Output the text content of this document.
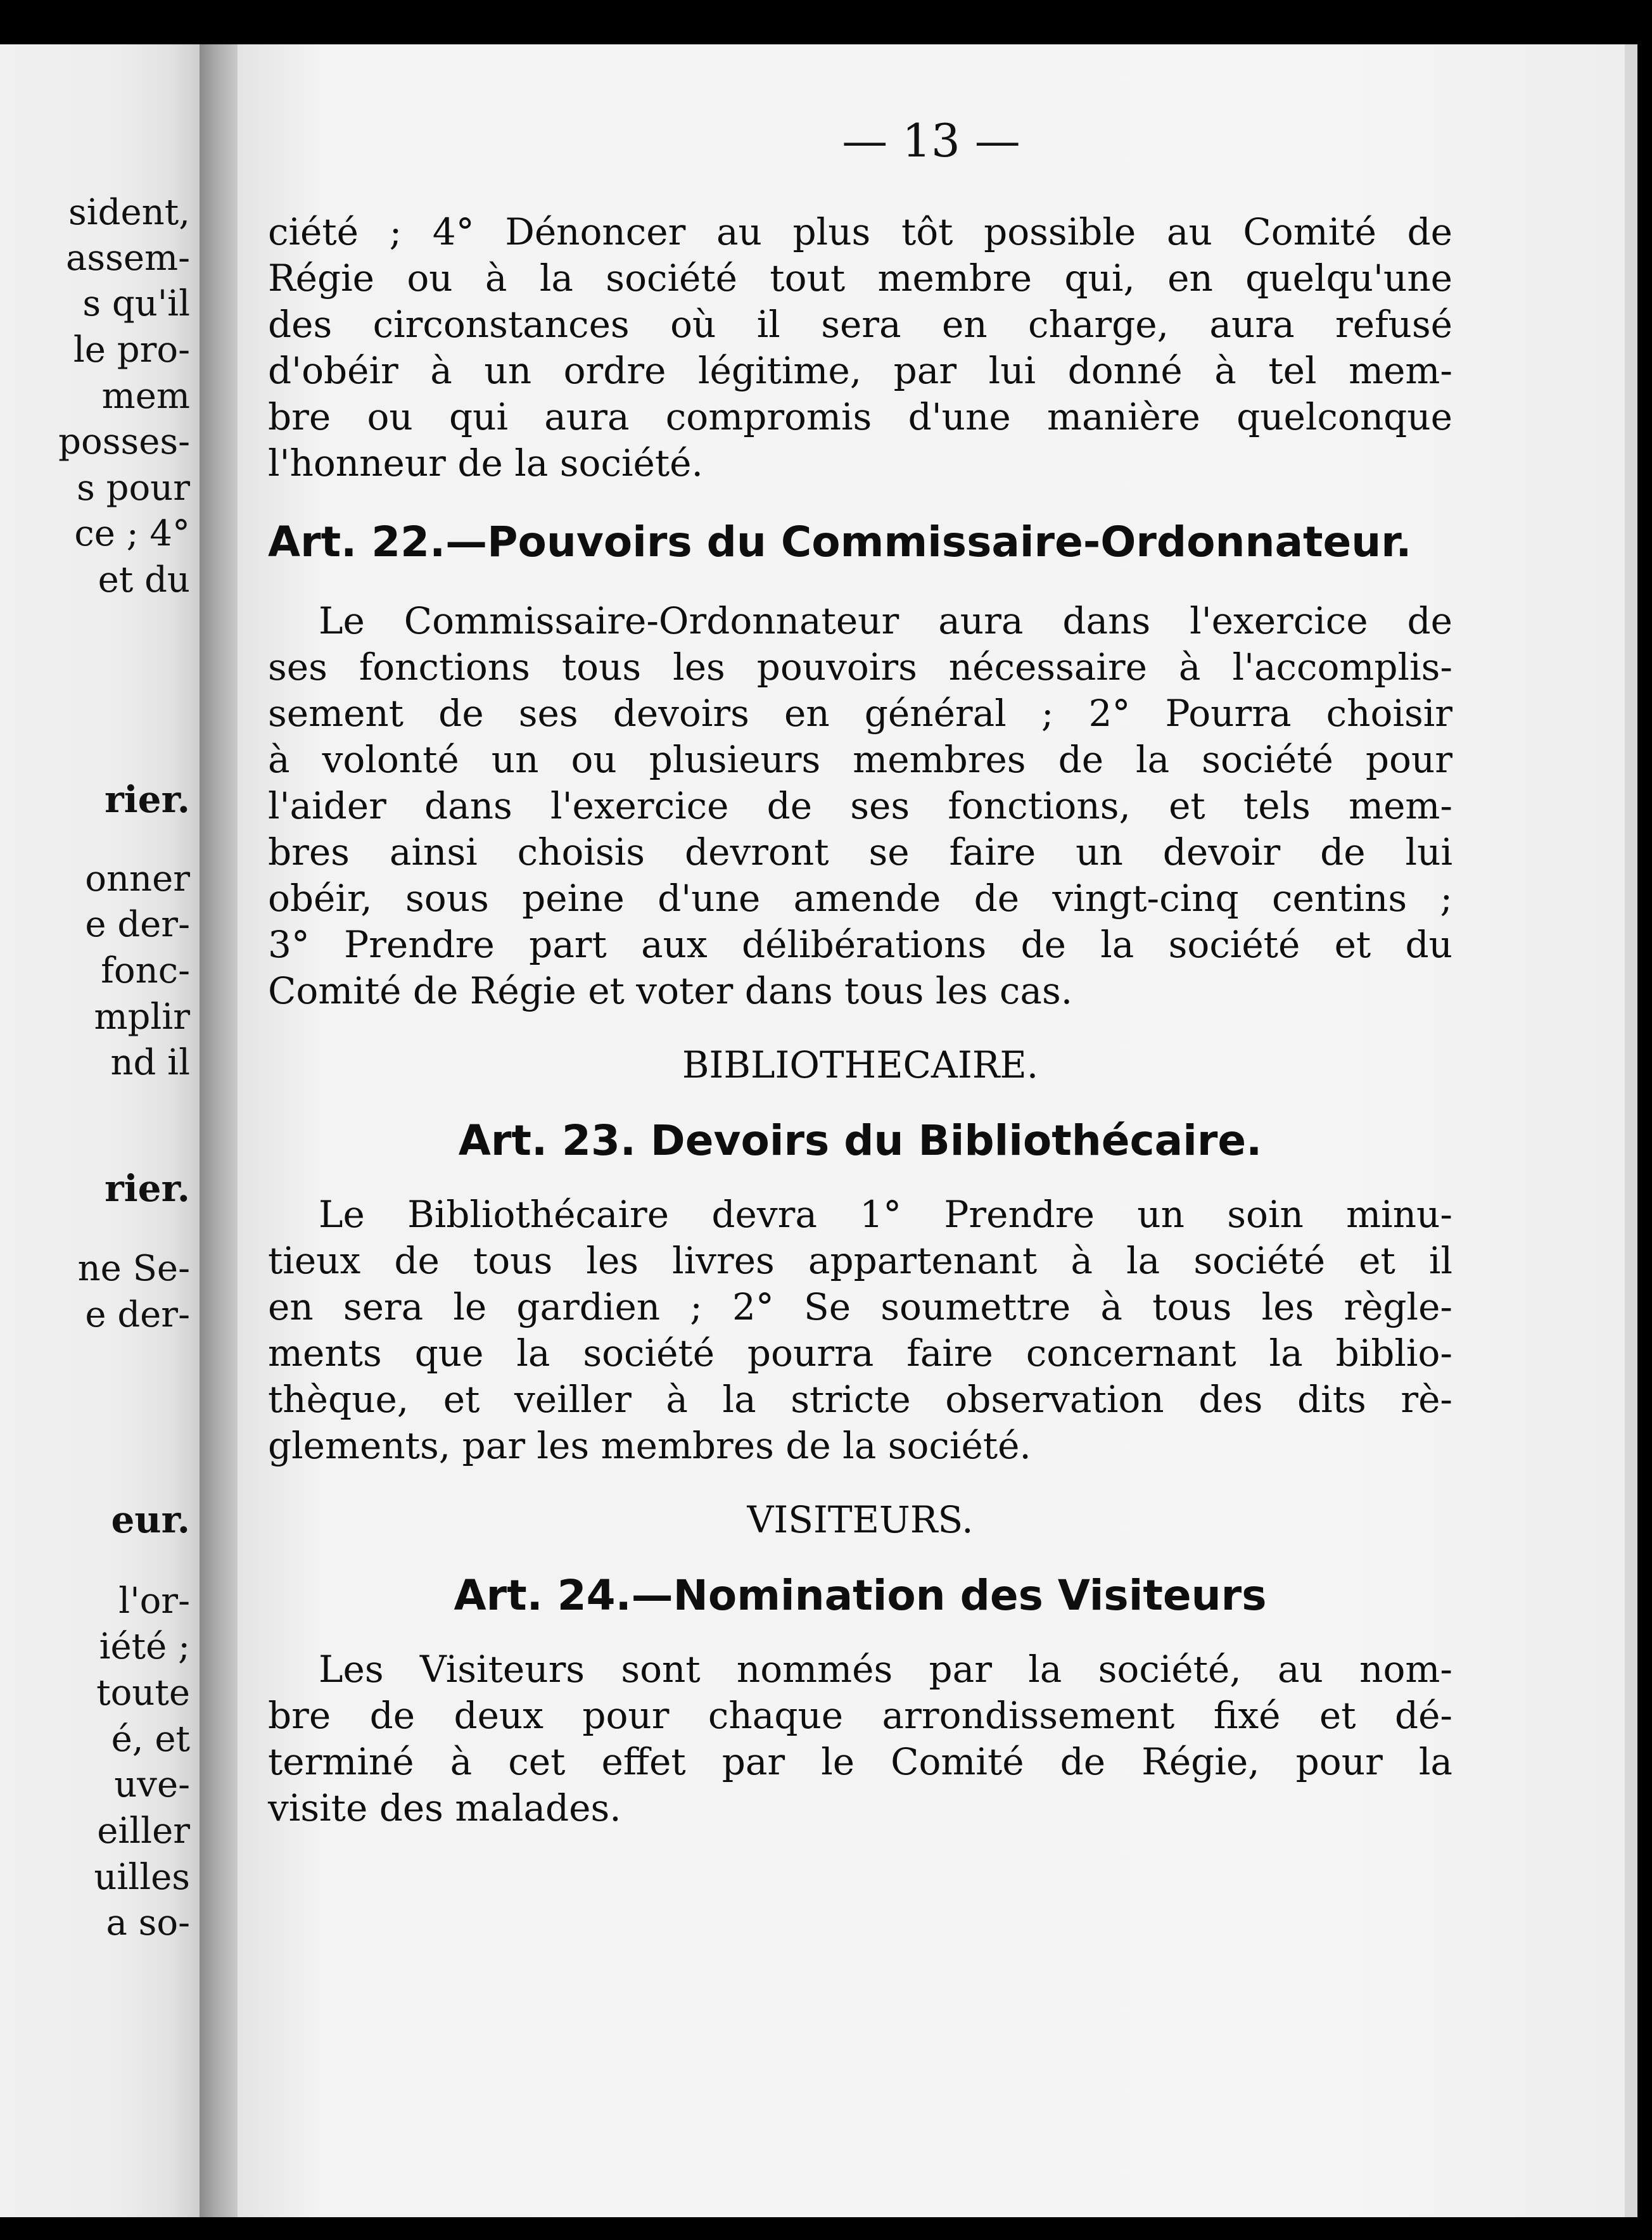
sident,
assem-
s qu'il
le pro-
mem
posses-
s pour
ce ; 4°
et du
rier.
onner
e der-
fonc-
mplir
nd il
rier.
ne Se-
e der-
eur.
l'or-
iété ;
toute
é, et
uve-
eiller
uilles
a so-
— 13 —

ciété ; 4° Dénoncer au plus tôt possible au Comité de

Régie ou à la société tout membre qui, en quelqu'une

des circonstances où il sera en charge, aura refusé

d'obéir à un ordre légitime, par lui donné à tel mem-

bre ou qui aura compromis d'une manière quelconque

l'honneur de la société.

Art. 22.—Pouvoirs du Commissaire-Ordonnateur.

Le Commissaire-Ordonnateur aura dans l'exercice de

ses fonctions tous les pouvoirs nécessaire à l'accomplis-

sement de ses devoirs en général ; 2° Pourra choisir

à volonté un ou plusieurs membres de la société pour

l'aider dans l'exercice de ses fonctions, et tels mem-

bres ainsi choisis devront se faire un devoir de lui

obéir, sous peine d'une amende de vingt-cinq centins ;

3° Prendre part aux délibérations de la société et du

Comité de Régie et voter dans tous les cas.

BIBLIOTHECAIRE.

Art. 23. Devoirs du Bibliothécaire.

Le Bibliothécaire devra 1° Prendre un soin minu-

tieux de tous les livres appartenant à la société et il

en sera le gardien ; 2° Se soumettre à tous les règle-

ments que la société pourra faire concernant la biblio-

thèque, et veiller à la stricte observation des dits rè-

glements, par les membres de la société.

VISITEURS.

Art. 24.—Nomination des Visiteurs

Les Visiteurs sont nommés par la société, au nom-

bre de deux pour chaque arrondissement fixé et dé-

terminé à cet effet par le Comité de Régie, pour la

visite des malades.
